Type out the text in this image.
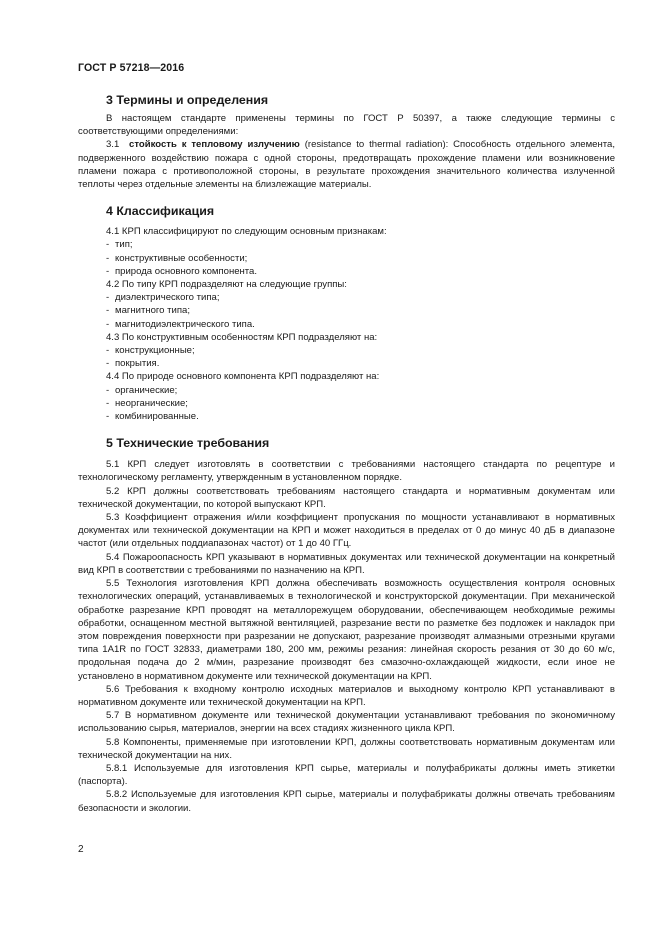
ГОСТ Р 57218—2016
3 Термины и определения

В настоящем стандарте применены термины по ГОСТ Р 50397, а также следующие термины с соответствующими определениями:

3.1 стойкость к тепловому излучению (resistance to thermal radiation): Способность отдельного элемента, подверженного воздействию пожара с одной стороны, предотвращать прохождение пламени или возникновение пламени пожара с противоположной стороны, в результате прохождения значительного количества излученной теплоты через отдельные элементы на близлежащие материалы.

4 Классификация

4.1 КРП классифицируют по следующим основным признакам:

- тип;
- конструктивные особенности;
- природа основного компонента.

4.2 По типу КРП подразделяют на следующие группы:

- диэлектрического типа;
- магнитного типа;
- магнитодиэлектрического типа.

4.3 По конструктивным особенностям КРП подразделяют на:

- конструкционные;
- покрытия.

4.4 По природе основного компонента КРП подразделяют на:

- органические;
- неорганические;
- комбинированные.
5 Технические требования

5.1 КРП следует изготовлять в соответствии с требованиями настоящего стандарта по рецептуре и технологическому регламенту, утвержденным в установленном порядке.

5.2 КРП должны соответствовать требованиям настоящего стандарта и нормативным документам или технической документации, по которой выпускают КРП.

5.3 Коэффициент отражения и/или коэффициент пропускания по мощности устанавливают в нормативных документах или технической документации на КРП и может находиться в пределах от 0 до минус 40 дБ в диапазоне частот (или отдельных поддиапазонах частот) от 1 до 40 ГГц.

5.4 Пожароопасность КРП указывают в нормативных документах или технической документации на конкретный вид КРП в соответствии с требованиями по назначению на КРП.

5.5 Технология изготовления КРП должна обеспечивать возможность осуществления контроля основных технологических операций, устанавливаемых в технологической и конструкторской документации. При механической обработке разрезание КРП проводят на металлорежущем оборудовании, обеспечивающем необходимые режимы обработки, оснащенном местной вытяжной вентиляцией, разрезание вести по разметке без подложек и накладок при этом повреждения поверхности при разрезании не допускают, разрезание производят алмазными отрезными кругами типа 1А1R по ГОСТ 32833, диаметрами 180, 200 мм, режимы резания: линейная скорость резания от 30 до 60 м/с, продольная подача до 2 м/мин, разрезание производят без смазочно-охлаждающей жидкости, если иное не установлено в нормативном документе или технической документации на КРП.

5.6 Требования к входному контролю исходных материалов и выходному контролю КРП устанавливают в нормативном документе или технической документации на КРП.

5.7 В нормативном документе или технической документации устанавливают требования по экономичному использованию сырья, материалов, энергии на всех стадиях жизненного цикла КРП.

5.8 Компоненты, применяемые при изготовлении КРП, должны соответствовать нормативным документам или технической документации на них.

5.8.1 Используемые для изготовления КРП сырье, материалы и полуфабрикаты должны иметь этикетки (паспорта).

5.8.2 Используемые для изготовления КРП сырье, материалы и полуфабрикаты должны отвечать требованиям безопасности и экологии.

2
